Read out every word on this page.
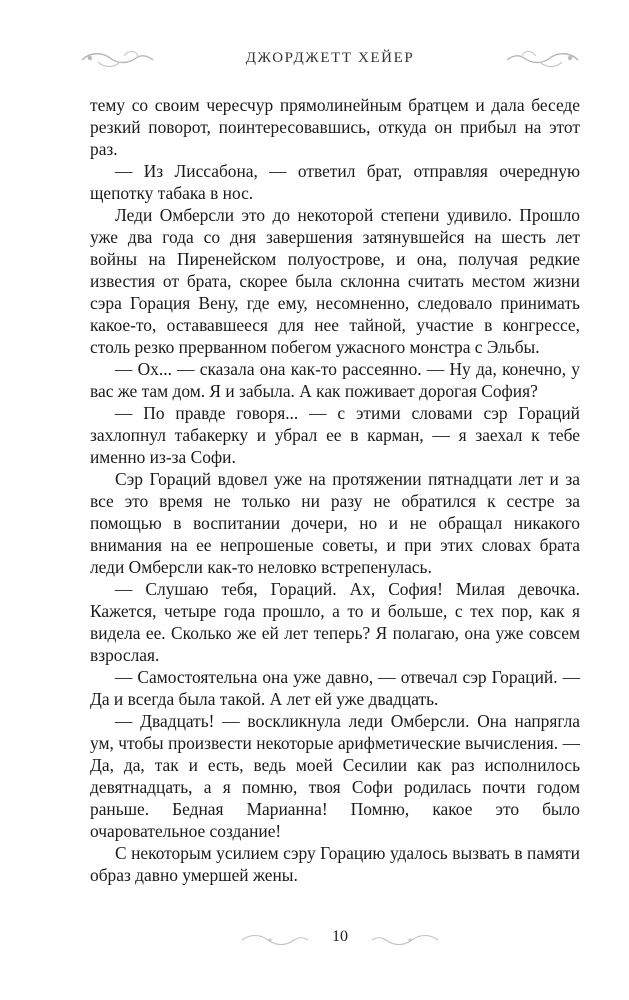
ДЖОРДЖЕТТ ХЕЙЕР

тему со своим чересчур прямолинейным братцем и дала беседе резкий поворот, поинтересовавшись, откуда он прибыл на этот раз.

— Из Лиссабона, — ответил брат, отправляя очередную щепотку табака в нос.

Леди Омберсли это до некоторой степени удивило. Прошло уже два года со дня завершения затянувшейся на шесть лет войны на Пиренейском полуострове, и она, получая редкие известия от брата, скорее была склонна считать местом жизни сэра Горация Вену, где ему, несомненно, следовало принимать какое-то, остававшееся для нее тайной, участие в конгрессе, столь резко прерванном побегом ужасного монстра с Эльбы.

— Ох... — сказала она как-то рассеянно. — Ну да, конечно, у вас же там дом. Я и забыла. А как поживает дорогая София?

— По правде говоря... — с этими словами сэр Гораций захлопнул табакерку и убрал ее в карман, — я заехал к тебе именно из-за Софи.

Сэр Гораций вдовел уже на протяжении пятнадцати лет и за все это время не только ни разу не обратился к сестре за помощью в воспитании дочери, но и не обращал никакого внимания на ее непрошеные советы, и при этих словах брата леди Омберсли как-то неловко встрепенулась.

— Слушаю тебя, Гораций. Ах, София! Милая девочка. Кажется, четыре года прошло, а то и больше, с тех пор, как я видела ее. Сколько же ей лет теперь? Я полагаю, она уже совсем взрослая.

— Самостоятельна она уже давно, — отвечал сэр Гораций. — Да и всегда была такой. А лет ей уже двадцать.

— Двадцать! — воскликнула леди Омберсли. Она напрягла ум, чтобы произвести некоторые арифметические вычисления. — Да, да, так и есть, ведь моей Сесилии как раз исполнилось девятнадцать, а я помню, твоя Софи родилась почти годом раньше. Бедная Марианна! Помню, какое это было очаровательное создание!

С некоторым усилием сэру Горацию удалось вызвать в памяти образ давно умершей жены.

10
